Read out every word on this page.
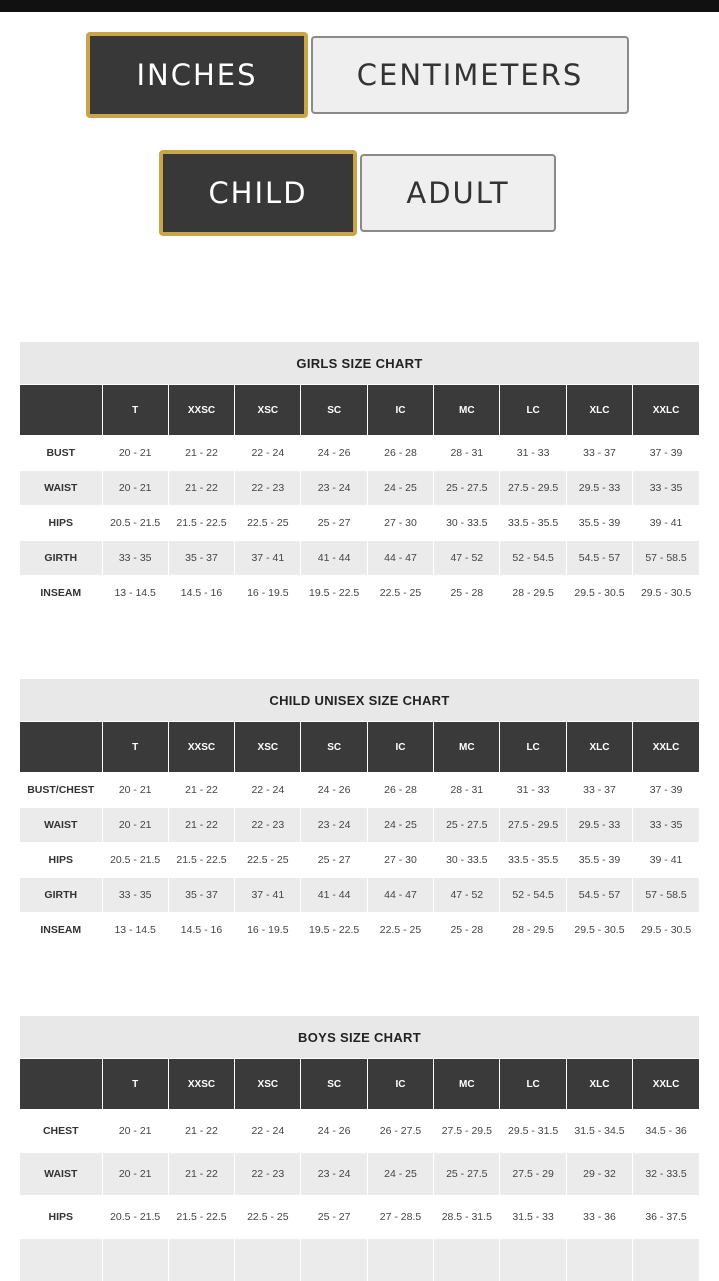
INCHES	CENTIMETERS
CHILD	ADULT
GIRLS SIZE CHART									
	T	XXSC	XSC	SC	IC	MC	LC	XLC	XXLC
BUST	20 - 21	21 - 22	22 - 24	24 - 26	26 - 28	28 - 31	31 - 33	33 - 37	37 - 39
WAIST	20 - 21	21 - 22	22 - 23	23 - 24	24 - 25	25 - 27.5	27.5 - 29.5	29.5 - 33	33 - 35
HIPS	20.5 - 21.5	21.5 - 22.5	22.5 - 25	25 - 27	27 - 30	30 - 33.5	33.5 - 35.5	35.5 - 39	39 - 41
GIRTH	33 - 35	35 - 37	37 - 41	41 - 44	44 - 47	47 - 52	52 - 54.5	54.5 - 57	57 - 58.5
INSEAM	13 - 14.5	14.5 - 16	16 - 19.5	19.5 - 22.5	22.5 - 25	25 - 28	28 - 29.5	29.5 - 30.5	29.5 - 30.5
CHILD UNISEX SIZE CHART									
	T	XXSC	XSC	SC	IC	MC	LC	XLC	XXLC
BUST/CHEST	20 - 21	21 - 22	22 - 24	24 - 26	26 - 28	28 - 31	31 - 33	33 - 37	37 - 39
WAIST	20 - 21	21 - 22	22 - 23	23 - 24	24 - 25	25 - 27.5	27.5 - 29.5	29.5 - 33	33 - 35
HIPS	20.5 - 21.5	21.5 - 22.5	22.5 - 25	25 - 27	27 - 30	30 - 33.5	33.5 - 35.5	35.5 - 39	39 - 41
GIRTH	33 - 35	35 - 37	37 - 41	41 - 44	44 - 47	47 - 52	52 - 54.5	54.5 - 57	57 - 58.5
INSEAM	13 - 14.5	14.5 - 16	16 - 19.5	19.5 - 22.5	22.5 - 25	25 - 28	28 - 29.5	29.5 - 30.5	29.5 - 30.5
BOYS SIZE CHART									
	T	XXSC	XSC	SC	IC	MC	LC	XLC	XXLC
CHEST	20 - 21	21 - 22	22 - 24	24 - 26	26 - 27.5	27.5 - 29.5	29.5 - 31.5	31.5 - 34.5	34.5 - 36
WAIST	20 - 21	21 - 22	22 - 23	23 - 24	24 - 25	25 - 27.5	27.5 - 29	29 - 32	32 - 33.5
HIPS	20.5 - 21.5	21.5 - 22.5	22.5 - 25	25 - 27	27 - 28.5	28.5 - 31.5	31.5 - 33	33 - 36	36 - 37.5
